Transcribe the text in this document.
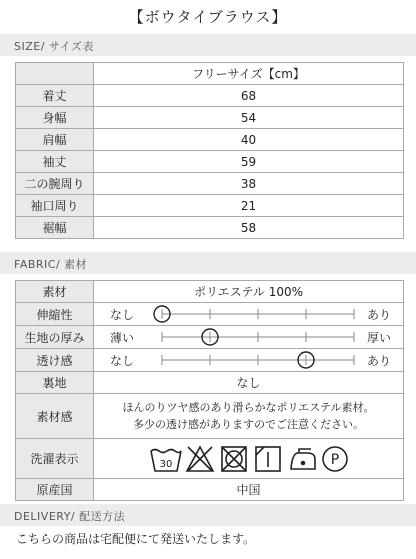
【ボウタイブラウス】
SIZE/ サイズ表
	フリーサイズ【cm】
着丈	68
身幅	54
肩幅	40
袖丈	59
二の腕周り	38
袖口周り	21
裾幅	58
FABRIC/ 素材
素材	ポリエステル 100%
伸縮性	なし あり

生地の厚み	薄い 厚い

透け感	なし あり

裏地	なし
素材感	ほんのりツヤ感のあり滑らかなポリエステル素材。
多少の透け感がありますのでご注意ください。

洗濯表示	30 P

原産国	中国
DELIVERY/ 配送方法
こちらの商品は宅配便にて発送いたします。
